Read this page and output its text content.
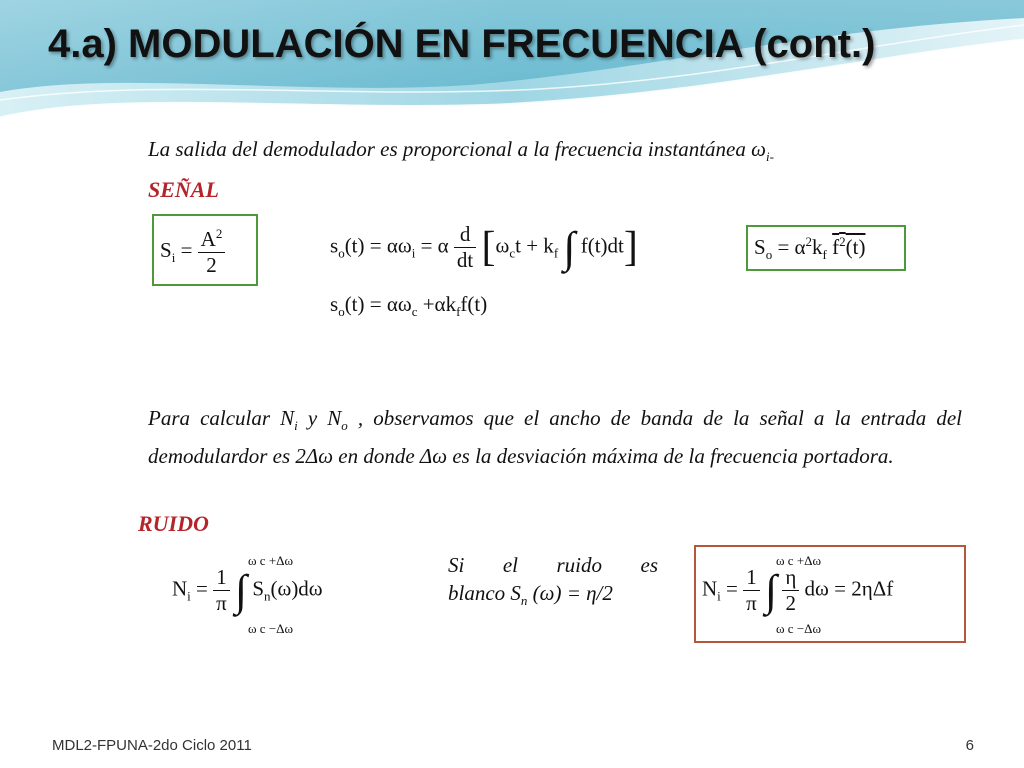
4.a) MODULACIÓN EN FRECUENCIA (cont.)
La salida del demodulador es proporcional a la frecuencia instantánea $\omega_{i-}$
SEÑAL
$S_i = \frac{A^2}{2}$	$s_o(t) = \alpha\omega_i = \alpha \frac{d}{dt} [\omega_ct + k_f$ ∫ f(t)dt]
$s_o(t) = \alpha\omega_c +\alpha k_ff(t)$
$S_o = \alpha^2k_f$ $f^2(t)$

Para calcular $N_i$ y $N_o$ , observamos que el ancho de banda de la señal a la entrada del demodulardor es 2Δω en donde Δω es la desviación máxima de la frecuencia portadora.

RUIDO
ω c +Δω
ω c −Δω
$N_i = \frac{1}{\pi}$ ∫ $S_n(\omega)d\omega$
Si el ruido es
blanco $S_n$ (ω) = η/2
ω c +Δω
ω c −Δω
$N_i = \frac{1}{\pi}$ ∫ $\frac{\eta}{2}$ dω = 2ηΔf
MDL2-FPUNA-2do Ciclo 2011	6
